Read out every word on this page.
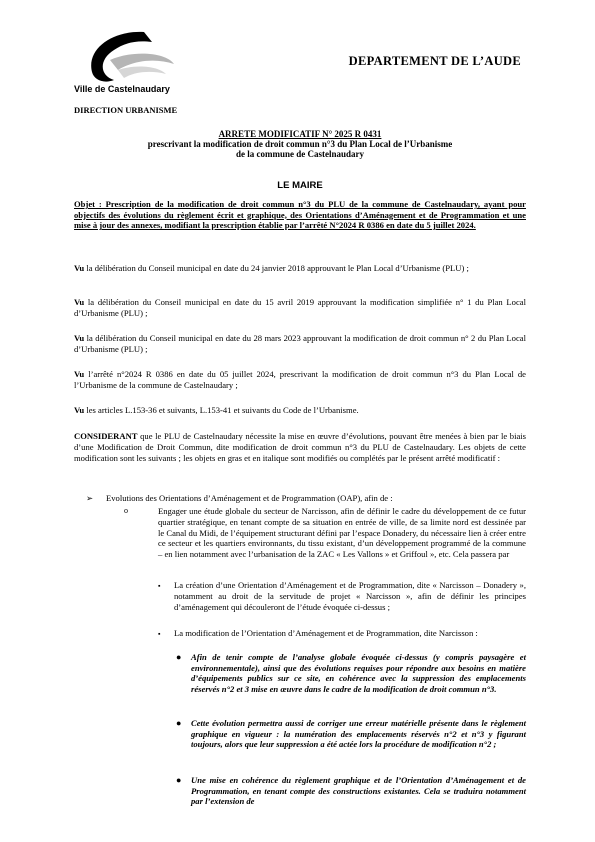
Ville de Castelnaudary
DEPARTEMENT DE L’AUDE
DIRECTION URBANISME
ARRETE MODIFICATIF N° 2025 R 0431
prescrivant la modification de droit commun n°3 du Plan Local de l’Urbanisme
de la commune de Castelnaudary
LE MAIRE
Objet : Prescription de la modification de droit commun n°3 du PLU de la commune de Castelnaudary, ayant pour objectifs des évolutions du règlement écrit et graphique, des Orientations d’Aménagement et de Programmation et une mise à jour des annexes, modifiant la prescription établie par l’arrêté N°2024 R 0386 en date du 5 juillet 2024.
Vu la délibération du Conseil municipal en date du 24 janvier 2018 approuvant le Plan Local d’Urbanisme (PLU) ;
Vu la délibération du Conseil municipal en date du 15 avril 2019 approuvant la modification simplifiée n° 1 du Plan Local d’Urbanisme (PLU) ;
Vu la délibération du Conseil municipal en date du 28 mars 2023 approuvant la modification de droit commun n° 2 du Plan Local d’Urbanisme (PLU) ;
Vu l’arrêté n°2024 R 0386 en date du 05 juillet 2024, prescrivant la modification de droit commun n°3 du Plan Local de l’Urbanisme de la commune de Castelnaudary ;
Vu les articles L.153-36 et suivants, L.153-41 et suivants du Code de l’Urbanisme.
CONSIDERANT que le PLU de Castelnaudary nécessite la mise en œuvre d’évolutions, pouvant être menées à bien par le biais d’une Modification de Droit Commun, dite modification de droit commun n°3 du PLU de Castelnaudary. Les objets de cette modification sont les suivants ; les objets en gras et en italique sont modifiés ou complétés par le présent arrêté modificatif :
➢ Evolutions des Orientations d’Aménagement et de Programmation (OAP), afin de :
o	Engager une étude globale du secteur de Narcisson, afin de définir le cadre du développement de ce futur quartier stratégique, en tenant compte de sa situation en entrée de ville, de sa limite nord est dessinée par le Canal du Midi, de l’équipement structurant défini par l’espace Donadery, du nécessaire lien à créer entre ce secteur et les quartiers environnants, du tissu existant, d’un développement programmé de la commune – en lien notamment avec l’urbanisation de la ZAC « Les Vallons » et Griffoul », etc. Cela passera par
▪ La création d’une Orientation d’Aménagement et de Programmation, dite « Narcisson – Donadery », notamment au droit de la servitude de projet « Narcisson », afin de définir les principes d’aménagement qui découleront de l’étude évoquée ci-dessus ;
▪ La modification de l’Orientation d’Aménagement et de Programmation, dite Narcisson :
● Afin de tenir compte de l’analyse globale évoquée ci-dessus (y compris paysagère et environnementale), ainsi que des évolutions requises pour répondre aux besoins en matière d’équipements publics sur ce site, en cohérence avec la suppression des emplacements réservés n°2 et 3 mise en œuvre dans le cadre de la modification de droit commun n°3.
● Cette évolution permettra aussi de corriger une erreur matérielle présente dans le règlement graphique en vigueur : la numération des emplacements réservés n°2 et n°3 y figurant toujours, alors que leur suppression a été actée lors la procédure de modification n°2 ;
● Une mise en cohérence du règlement graphique et de l’Orientation d’Aménagement et de Programmation, en tenant compte des constructions existantes. Cela se traduira notamment par l’extension de
